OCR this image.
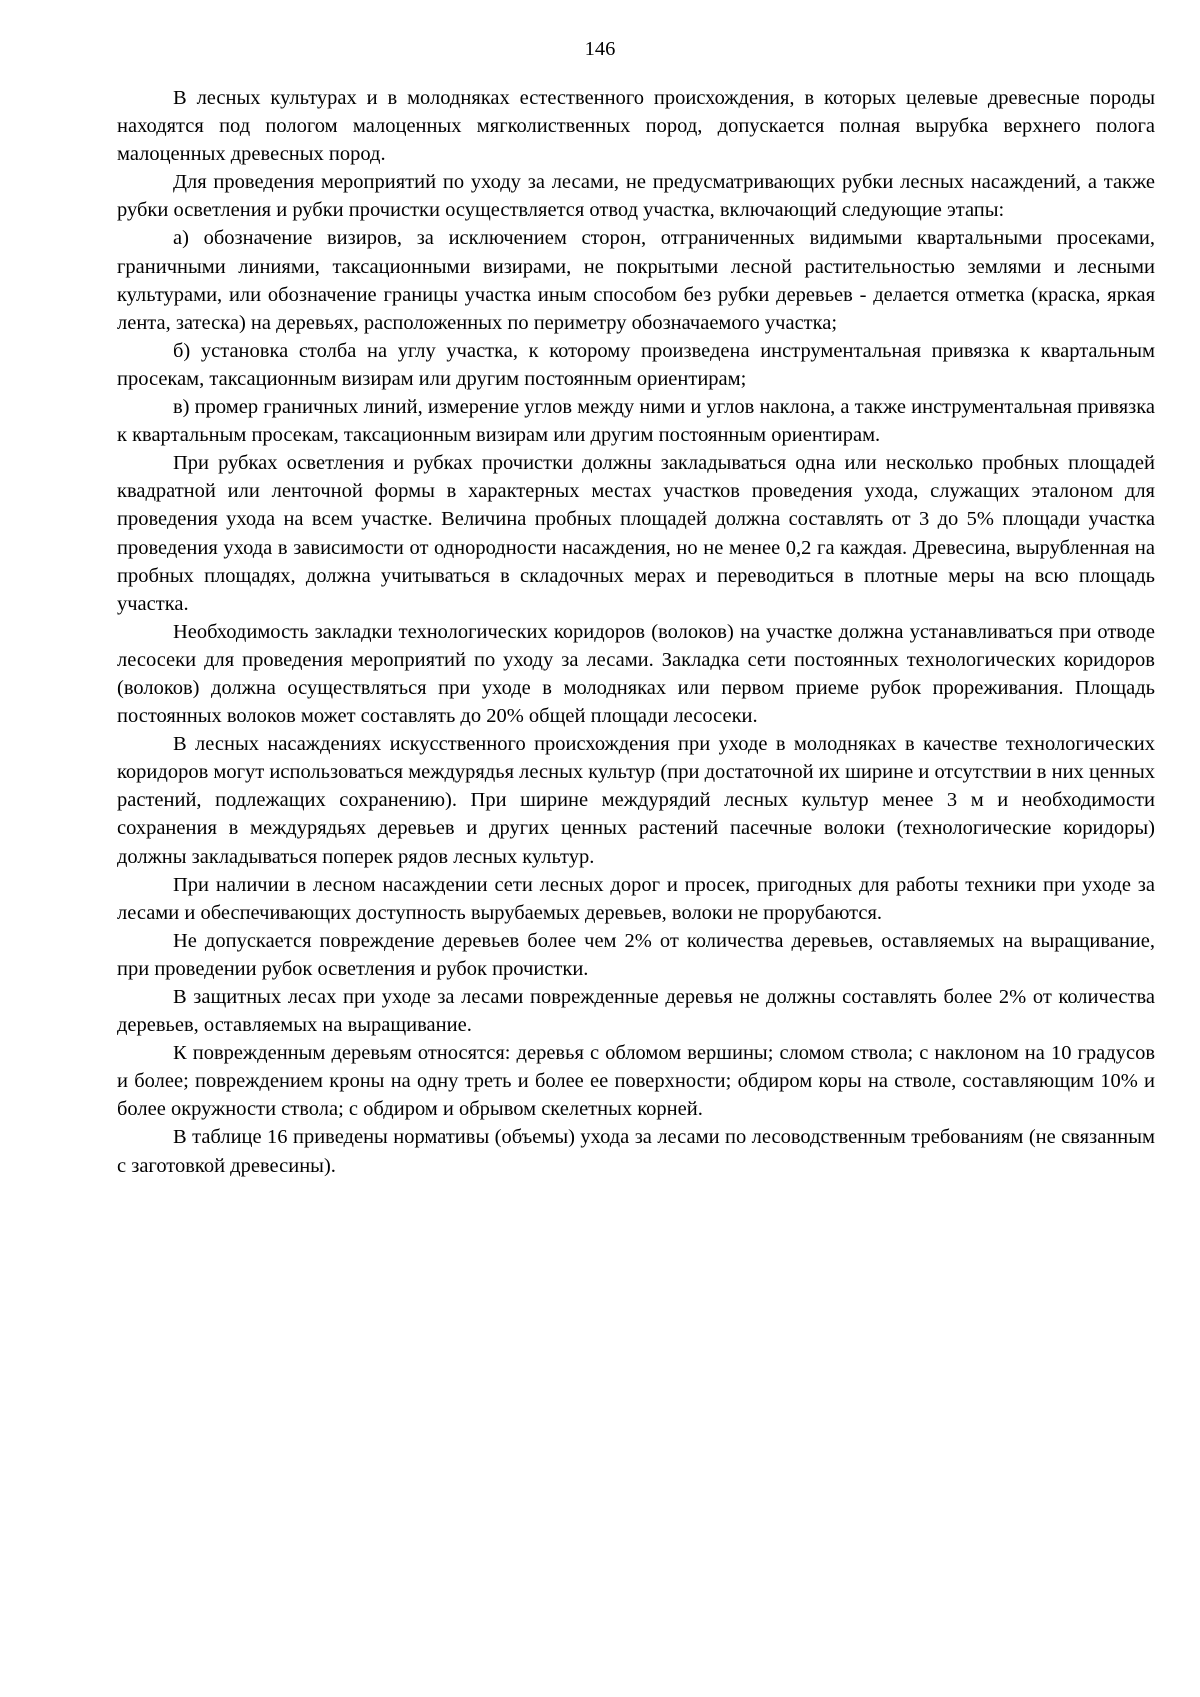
146

В лесных культурах и в молодняках естественного происхождения, в которых целевые древесные породы находятся под пологом малоценных мягколиственных пород, допускается полная вырубка верхнего полога малоценных древесных пород.

Для проведения мероприятий по уходу за лесами, не предусматривающих рубки лесных насаждений, а также рубки осветления и рубки прочистки осуществляется отвод участка, включающий следующие этапы:

а) обозначение визиров, за исключением сторон, отграниченных видимыми квартальными просеками, граничными линиями, таксационными визирами, не покрытыми лесной растительностью землями и лесными культурами, или обозначение границы участка иным способом без рубки деревьев - делается отметка (краска, яркая лента, затеска) на деревьях, расположенных по периметру обозначаемого участка;

б) установка столба на углу участка, к которому произведена инструментальная привязка к квартальным просекам, таксационным визирам или другим постоянным ориентирам;

в) промер граничных линий, измерение углов между ними и углов наклона, а также инструментальная привязка к квартальным просекам, таксационным визирам или другим постоянным ориентирам.

При рубках осветления и рубках прочистки должны закладываться одна или несколько пробных площадей квадратной или ленточной формы в характерных местах участков проведения ухода, служащих эталоном для проведения ухода на всем участке. Величина пробных площадей должна составлять от 3 до 5% площади участка проведения ухода в зависимости от однородности насаждения, но не менее 0,2 га каждая. Древесина, вырубленная на пробных площадях, должна учитываться в складочных мерах и переводиться в плотные меры на всю площадь участка.

Необходимость закладки технологических коридоров (волоков) на участке должна устанавливаться при отводе лесосеки для проведения мероприятий по уходу за лесами. Закладка сети постоянных технологических коридоров (волоков) должна осуществляться при уходе в молодняках или первом приеме рубок прореживания. Площадь постоянных волоков может составлять до 20% общей площади лесосеки.

В лесных насаждениях искусственного происхождения при уходе в молодняках в качестве технологических коридоров могут использоваться междурядья лесных культур (при достаточной их ширине и отсутствии в них ценных растений, подлежащих сохранению). При ширине междурядий лесных культур менее 3 м и необходимости сохранения в междурядьях деревьев и других ценных растений пасечные волоки (технологические коридоры) должны закладываться поперек рядов лесных культур.

При наличии в лесном насаждении сети лесных дорог и просек, пригодных для работы техники при уходе за лесами и обеспечивающих доступность вырубаемых деревьев, волоки не прорубаются.

Не допускается повреждение деревьев более чем 2% от количества деревьев, оставляемых на выращивание, при проведении рубок осветления и рубок прочистки.

В защитных лесах при уходе за лесами поврежденные деревья не должны составлять более 2% от количества деревьев, оставляемых на выращивание.

К поврежденным деревьям относятся: деревья с обломом вершины; сломом ствола; с наклоном на 10 градусов и более; повреждением кроны на одну треть и более ее поверхности; обдиром коры на стволе, составляющим 10% и более окружности ствола; с обдиром и обрывом скелетных корней.

В таблице 16 приведены нормативы (объемы) ухода за лесами по лесоводственным требованиям (не связанным с заготовкой древесины).
